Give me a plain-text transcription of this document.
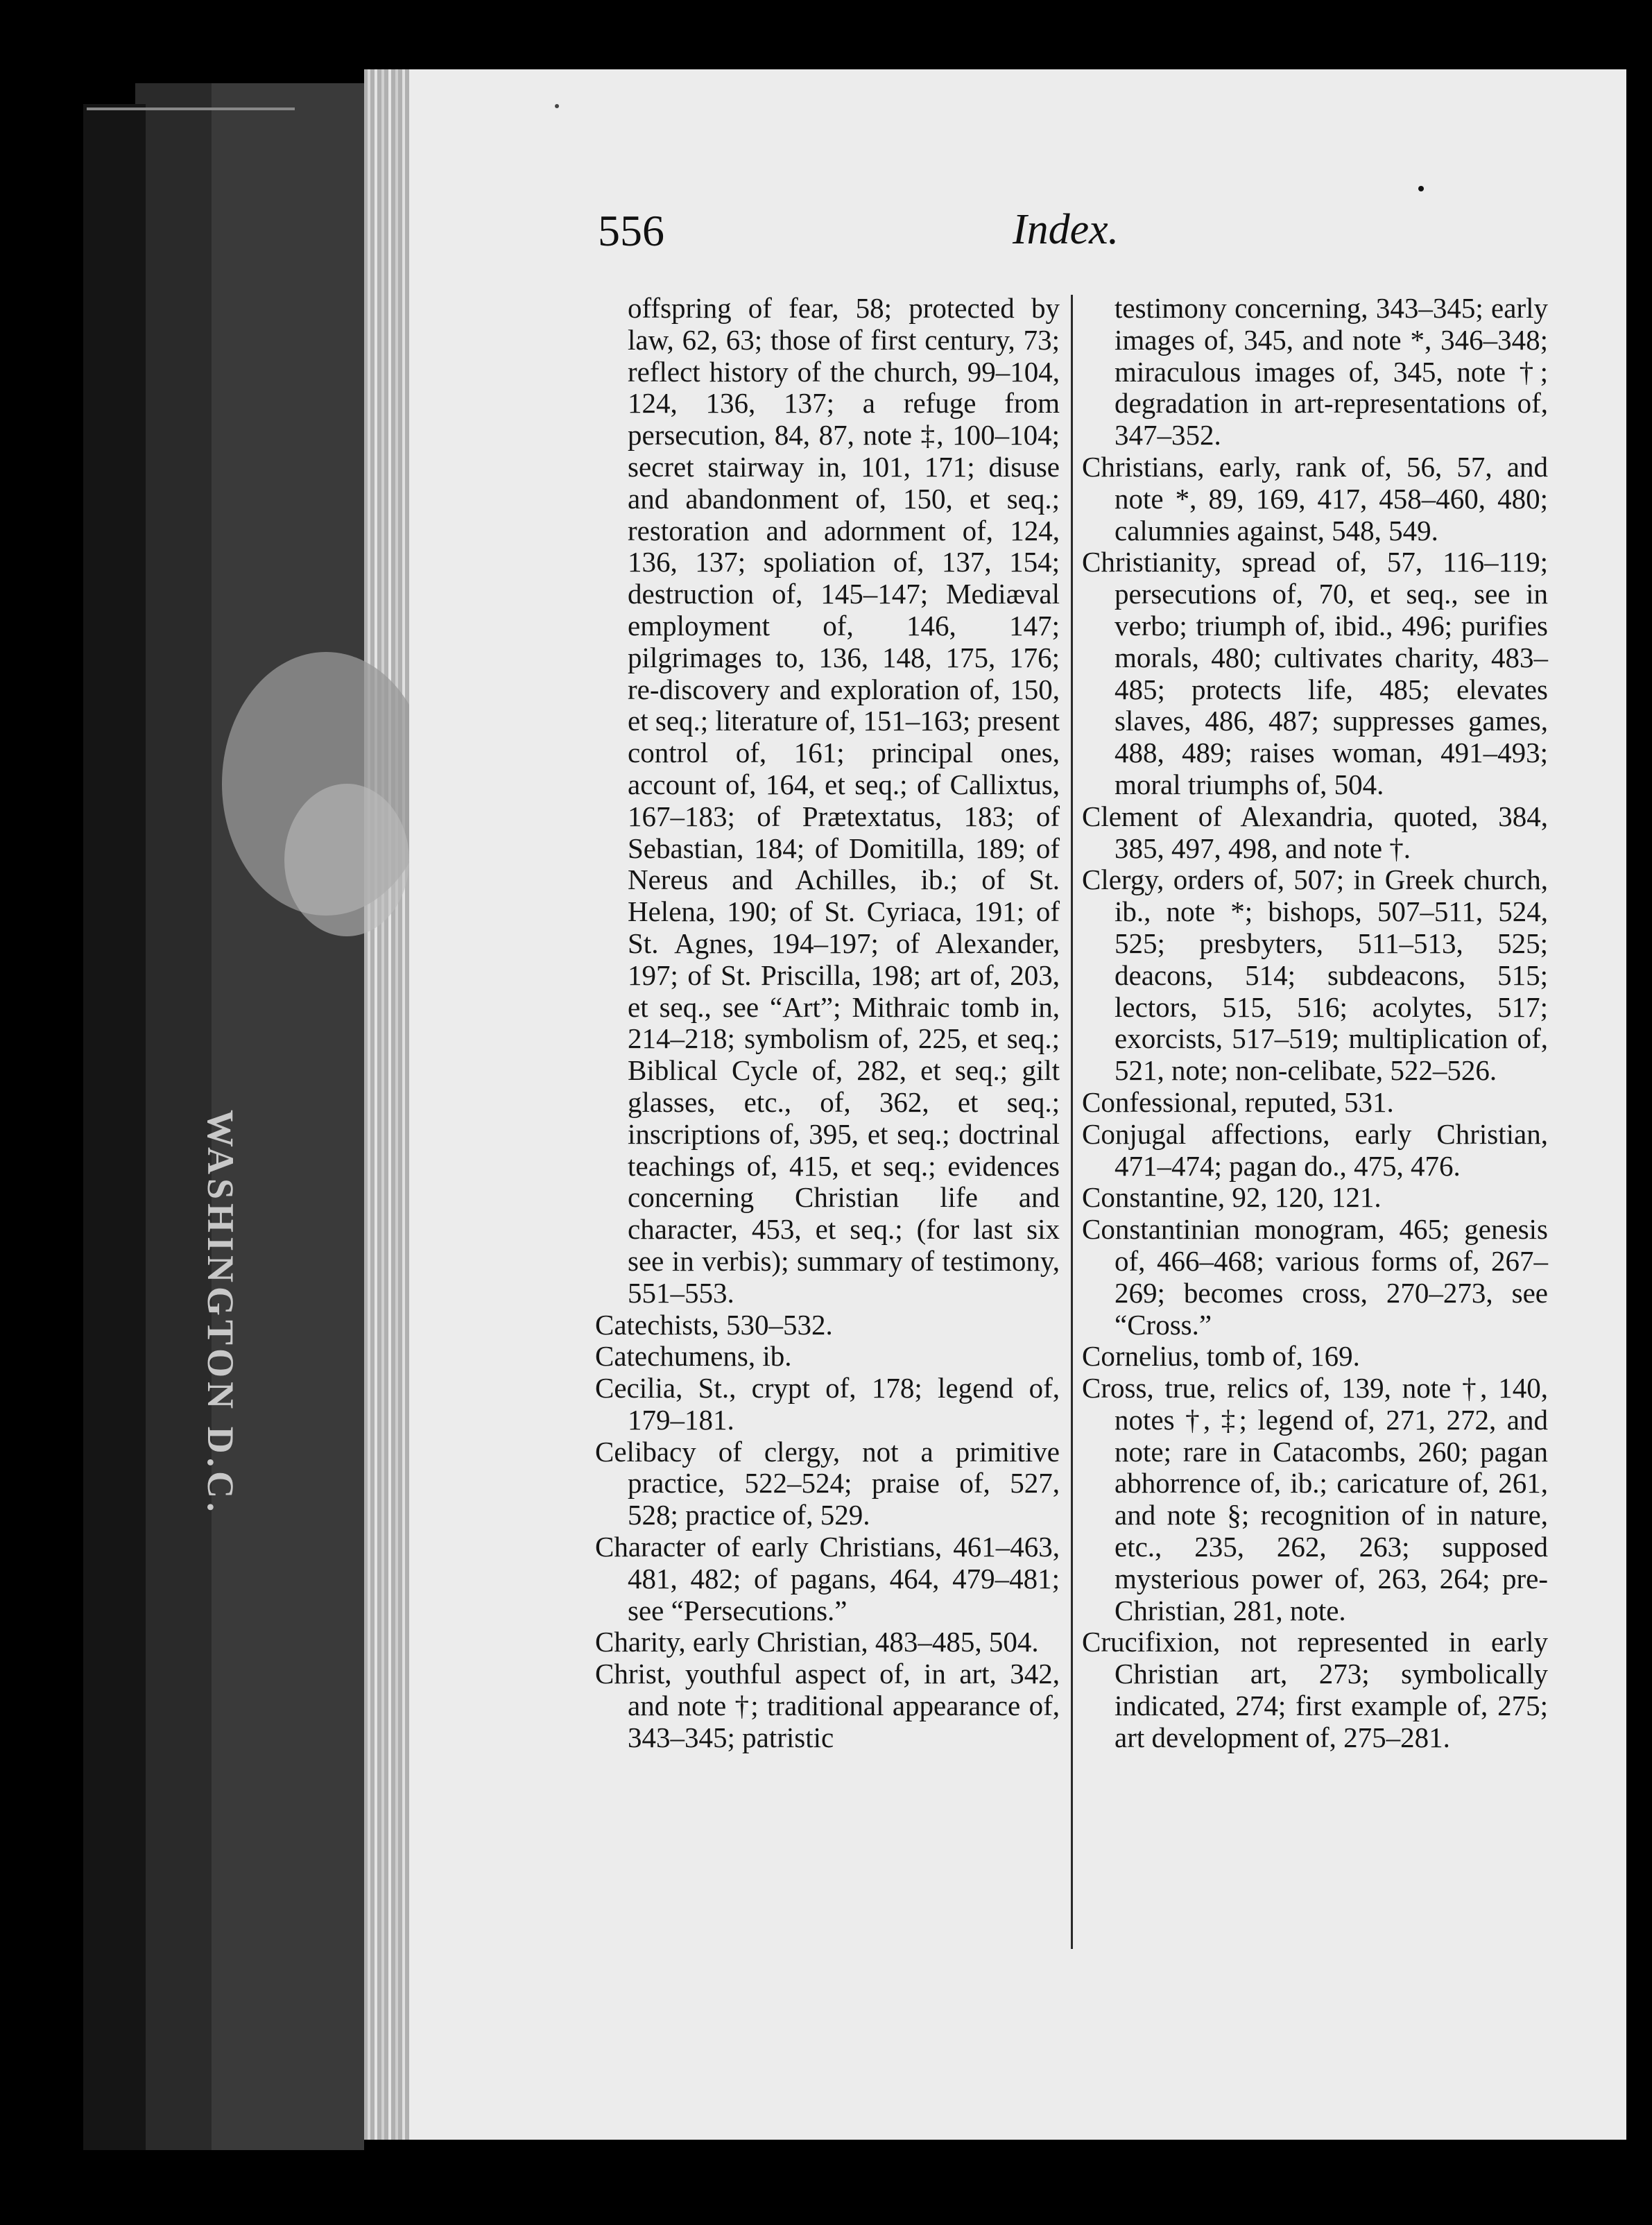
WASHINGTON D.C.
556	Index.

offspring of fear, 58; protected by law, 62, 63; those of first century, 73; reflect history of the church, 99–104, 124, 136, 137; a refuge from persecution, 84, 87, note ‡, 100–104; secret stairway in, 101, 171; disuse and abandonment of, 150, et seq.; restoration and adornment of, 124, 136, 137; spoliation of, 137, 154; destruction of, 145–147; Mediæval employment of, 146, 147; pilgrimages to, 136, 148, 175, 176; re-discovery and exploration of, 150, et seq.; literature of, 151–163; present control of, 161; principal ones, account of, 164, et seq.; of Callixtus, 167–183; of Prætextatus, 183; of Sebastian, 184; of Domitilla, 189; of Nereus and Achilles, ib.; of St. Helena, 190; of St. Cyriaca, 191; of St. Agnes, 194–197; of Alexander, 197; of St. Priscilla, 198; art of, 203, et seq., see “Art”; Mithraic tomb in, 214–218; symbolism of, 225, et seq.; Biblical Cycle of, 282, et seq.; gilt glasses, etc., of, 362, et seq.; inscriptions of, 395, et seq.; doctrinal teachings of, 415, et seq.; evidences concerning Christian life and character, 453, et seq.; (for last six see in verbis); summary of testimony, 551–553.

Catechists, 530–532.

Catechumens, ib.

Cecilia, St., crypt of, 178; legend of, 179–181.

Celibacy of clergy, not a primitive practice, 522–524; praise of, 527, 528; practice of, 529.

Character of early Christians, 461–463, 481, 482; of pagans, 464, 479–481; see “Persecutions.”

Charity, early Christian, 483–485, 504.

Christ, youthful aspect of, in art, 342, and note †; traditional appearance of, 343–345; patristic

testimony concerning, 343–345; early images of, 345, and note *, 346–348; miraculous images of, 345, note †; degradation in art-representations of, 347–352.

Christians, early, rank of, 56, 57, and note *, 89, 169, 417, 458–460, 480; calumnies against, 548, 549.

Christianity, spread of, 57, 116–119; persecutions of, 70, et seq., see in verbo; triumph of, ibid., 496; purifies morals, 480; cultivates charity, 483–485; protects life, 485; elevates slaves, 486, 487; suppresses games, 488, 489; raises woman, 491–493; moral triumphs of, 504.

Clement of Alexandria, quoted, 384, 385, 497, 498, and note †.

Clergy, orders of, 507; in Greek church, ib., note *; bishops, 507–511, 524, 525; presbyters, 511–513, 525; deacons, 514; subdeacons, 515; lectors, 515, 516; acolytes, 517; exorcists, 517–519; multiplication of, 521, note; non-celibate, 522–526.

Confessional, reputed, 531.

Conjugal affections, early Christian, 471–474; pagan do., 475, 476.

Constantine, 92, 120, 121.

Constantinian monogram, 465; genesis of, 466–468; various forms of, 267–269; becomes cross, 270–273, see “Cross.”

Cornelius, tomb of, 169.

Cross, true, relics of, 139, note †, 140, notes †, ‡; legend of, 271, 272, and note; rare in Catacombs, 260; pagan abhorrence of, ib.; caricature of, 261, and note §; recognition of in nature, etc., 235, 262, 263; supposed mysterious power of, 263, 264; pre-Christian, 281, note.

Crucifixion, not represented in early Christian art, 273; symbolically indicated, 274; first example of, 275; art development of, 275–281.
